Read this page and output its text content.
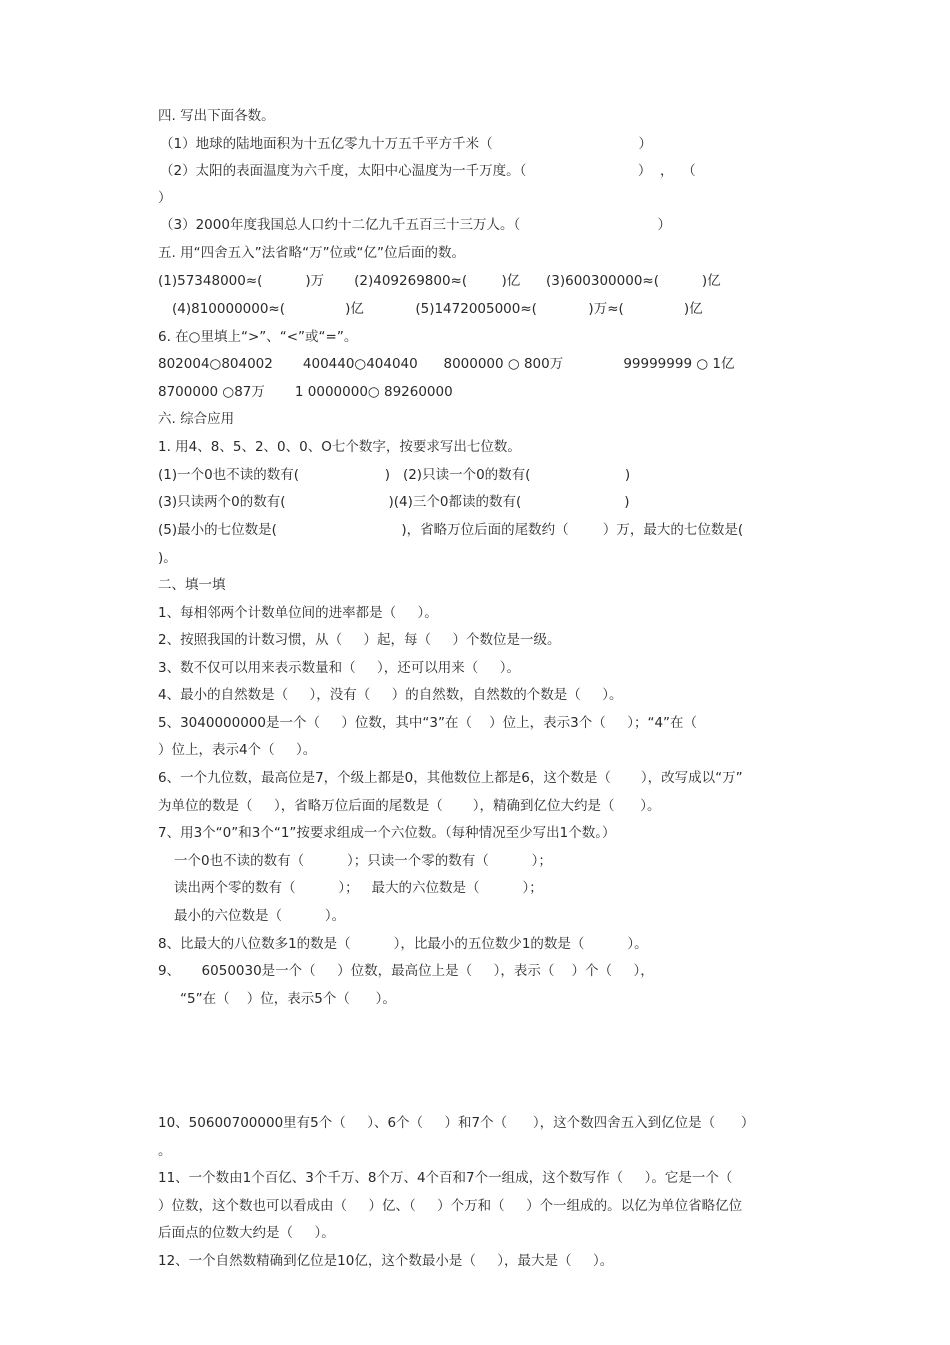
四. 写出下面各数。
（1）地球的陆地面积为十五亿零九十万五千平方千米（                                  ）
（2）太阳的表面温度为六千度，太阳中心温度为一千万度。（                          ）  ，  （
）
（3）2000年度我国总人口约十二亿九千五百三十三万人。（                                ）
五. 用“四舍五入”法省略“万”位或“亿”位后面的数。
(1)57348000≈(          )万       (2)409269800≈(        )亿      (3)600300000≈(          )亿
(4)810000000≈(              )亿            (5)1472005000≈(            )万≈(              )亿
6. 在○里填上“>”、“<”或“=”。
802004○804002       400440○404040      8000000 ○ 800万              99999999 ○ 1亿
8700000 ○87万       1 0000000○ 89260000
六. 综合应用
1. 用4、8、5、2、0、0、O七个数字，按要求写出七位数。
(1)一个0也不读的数有(                    )   (2)只读一个0的数有(                      )
(3)只读两个0的数有(                        )(4)三个0都读的数有(                        )
(5)最小的七位数是(                             )，省略万位后面的尾数约（        ）万，最大的七位数是(
)。
二、填一填
1、每相邻两个计数单位间的进率都是（     ）。
2、按照我国的计数习惯，从（     ）起，每（     ）个数位是一级。
3、数不仅可以用来表示数量和（     ），还可以用来（     ）。
4、最小的自然数是（     ），没有（     ）的自然数，自然数的个数是（     ）。
5、3040000000是一个（     ）位数，其中“3”在（    ）位上，表示3个（     ）；“4”在（
）位上，表示4个（     ）。
6、一个九位数，最高位是7，个级上都是0，其他数位上都是6，这个数是（       ），改写成以“万”
为单位的数是（     ），省略万位后面的尾数是（       ），精确到亿位大约是（      ）。
7、用3个“0”和3个“1”按要求组成一个六位数。（每种情况至少写出1个数。）
一个0也不读的数有（          ）；只读一个零的数有（          ）；
读出两个零的数有（          ）；   最大的六位数是（          ）；
最小的六位数是（          ）。
8、比最大的八位数多1的数是（          ），比最小的五位数少1的数是（          ）。
9、     6050030是一个（     ）位数，最高位上是（     ），表示（    ）个（     ），
“5”在（    ）位，表示5个（      ）。
10、50600700000里有5个（     ）、6个（     ）和7个（      ），这个数四舍五入到亿位是（      ）
。
11、一个数由1个百亿、3个千万、8个万、4个百和7个一组成，这个数写作（     ）。它是一个（
）位数，这个数也可以看成由（     ）亿、（     ）个万和（     ）个一组成的。以亿为单位省略亿位
后面点的位数大约是（     ）。
12、一个自然数精确到亿位是10亿，这个数最小是（     ），最大是（     ）。
